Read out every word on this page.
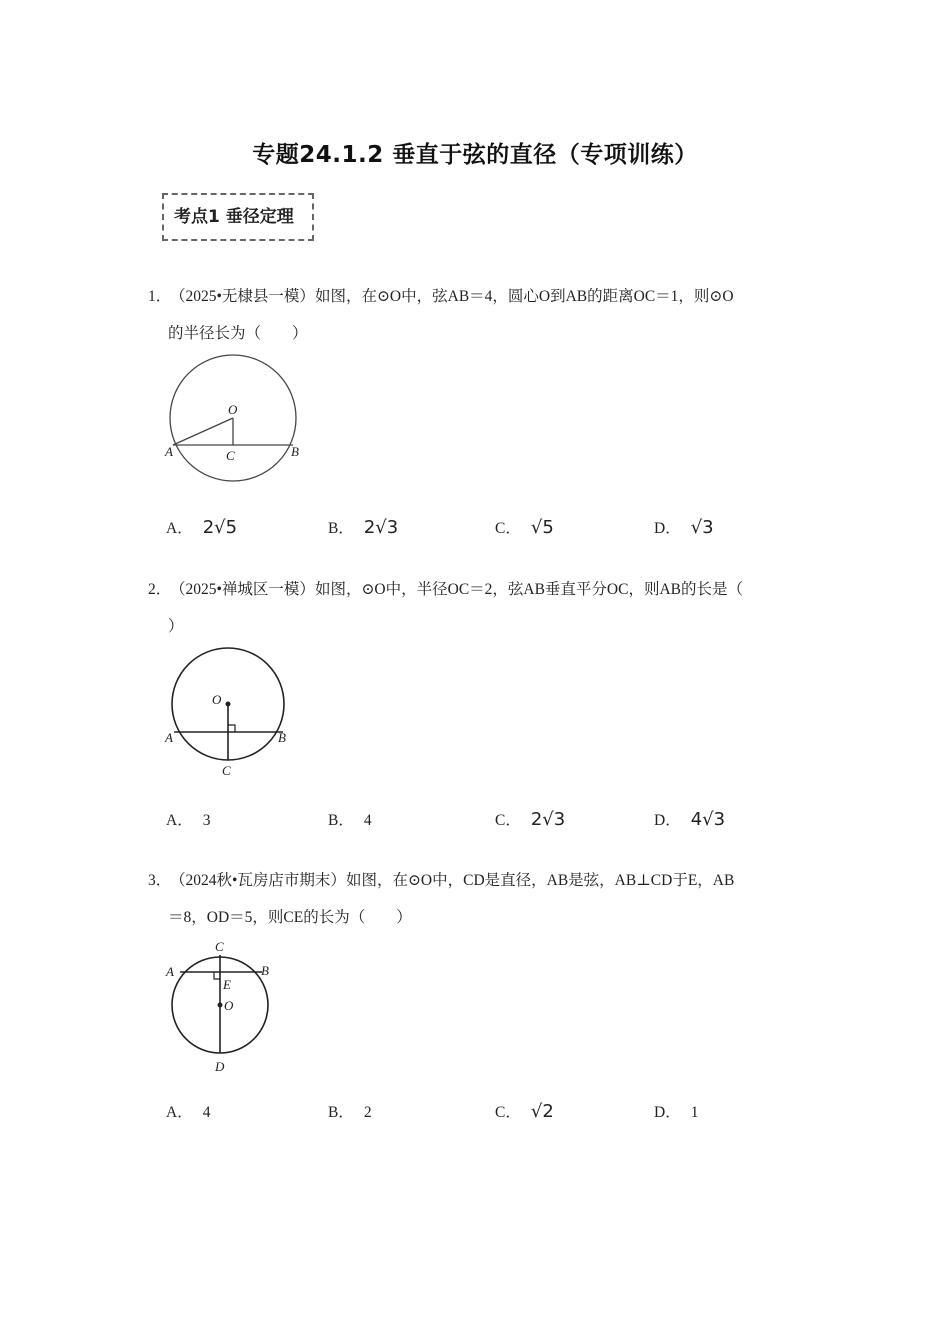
专题24.1.2 垂直于弦的直径（专项训练）
考点1 垂径定理
1．（2025•无棣县一模）如图，在⊙O中，弦AB＝4，圆心O到AB的距离OC＝1，则⊙O
的半径长为（　　）
O
A	B
C
A． 2√5	B． 2√3	C． √5	D． √3
2．（2025•禅城区一模）如图，⊙O中，半径OC＝2，弦AB垂直平分OC，则AB的长是（
）
O
A	B
C
A． 3	B． 4	C． 2√3	D． 4√3
3．（2024秋•瓦房店市期末）如图，在⊙O中，CD是直径，AB是弦，AB⊥CD于E，AB
＝8，OD＝5，则CE的长为（　　）
C
A	B
E
O
D
A． 4	B． 2	C． √2	D． 1
